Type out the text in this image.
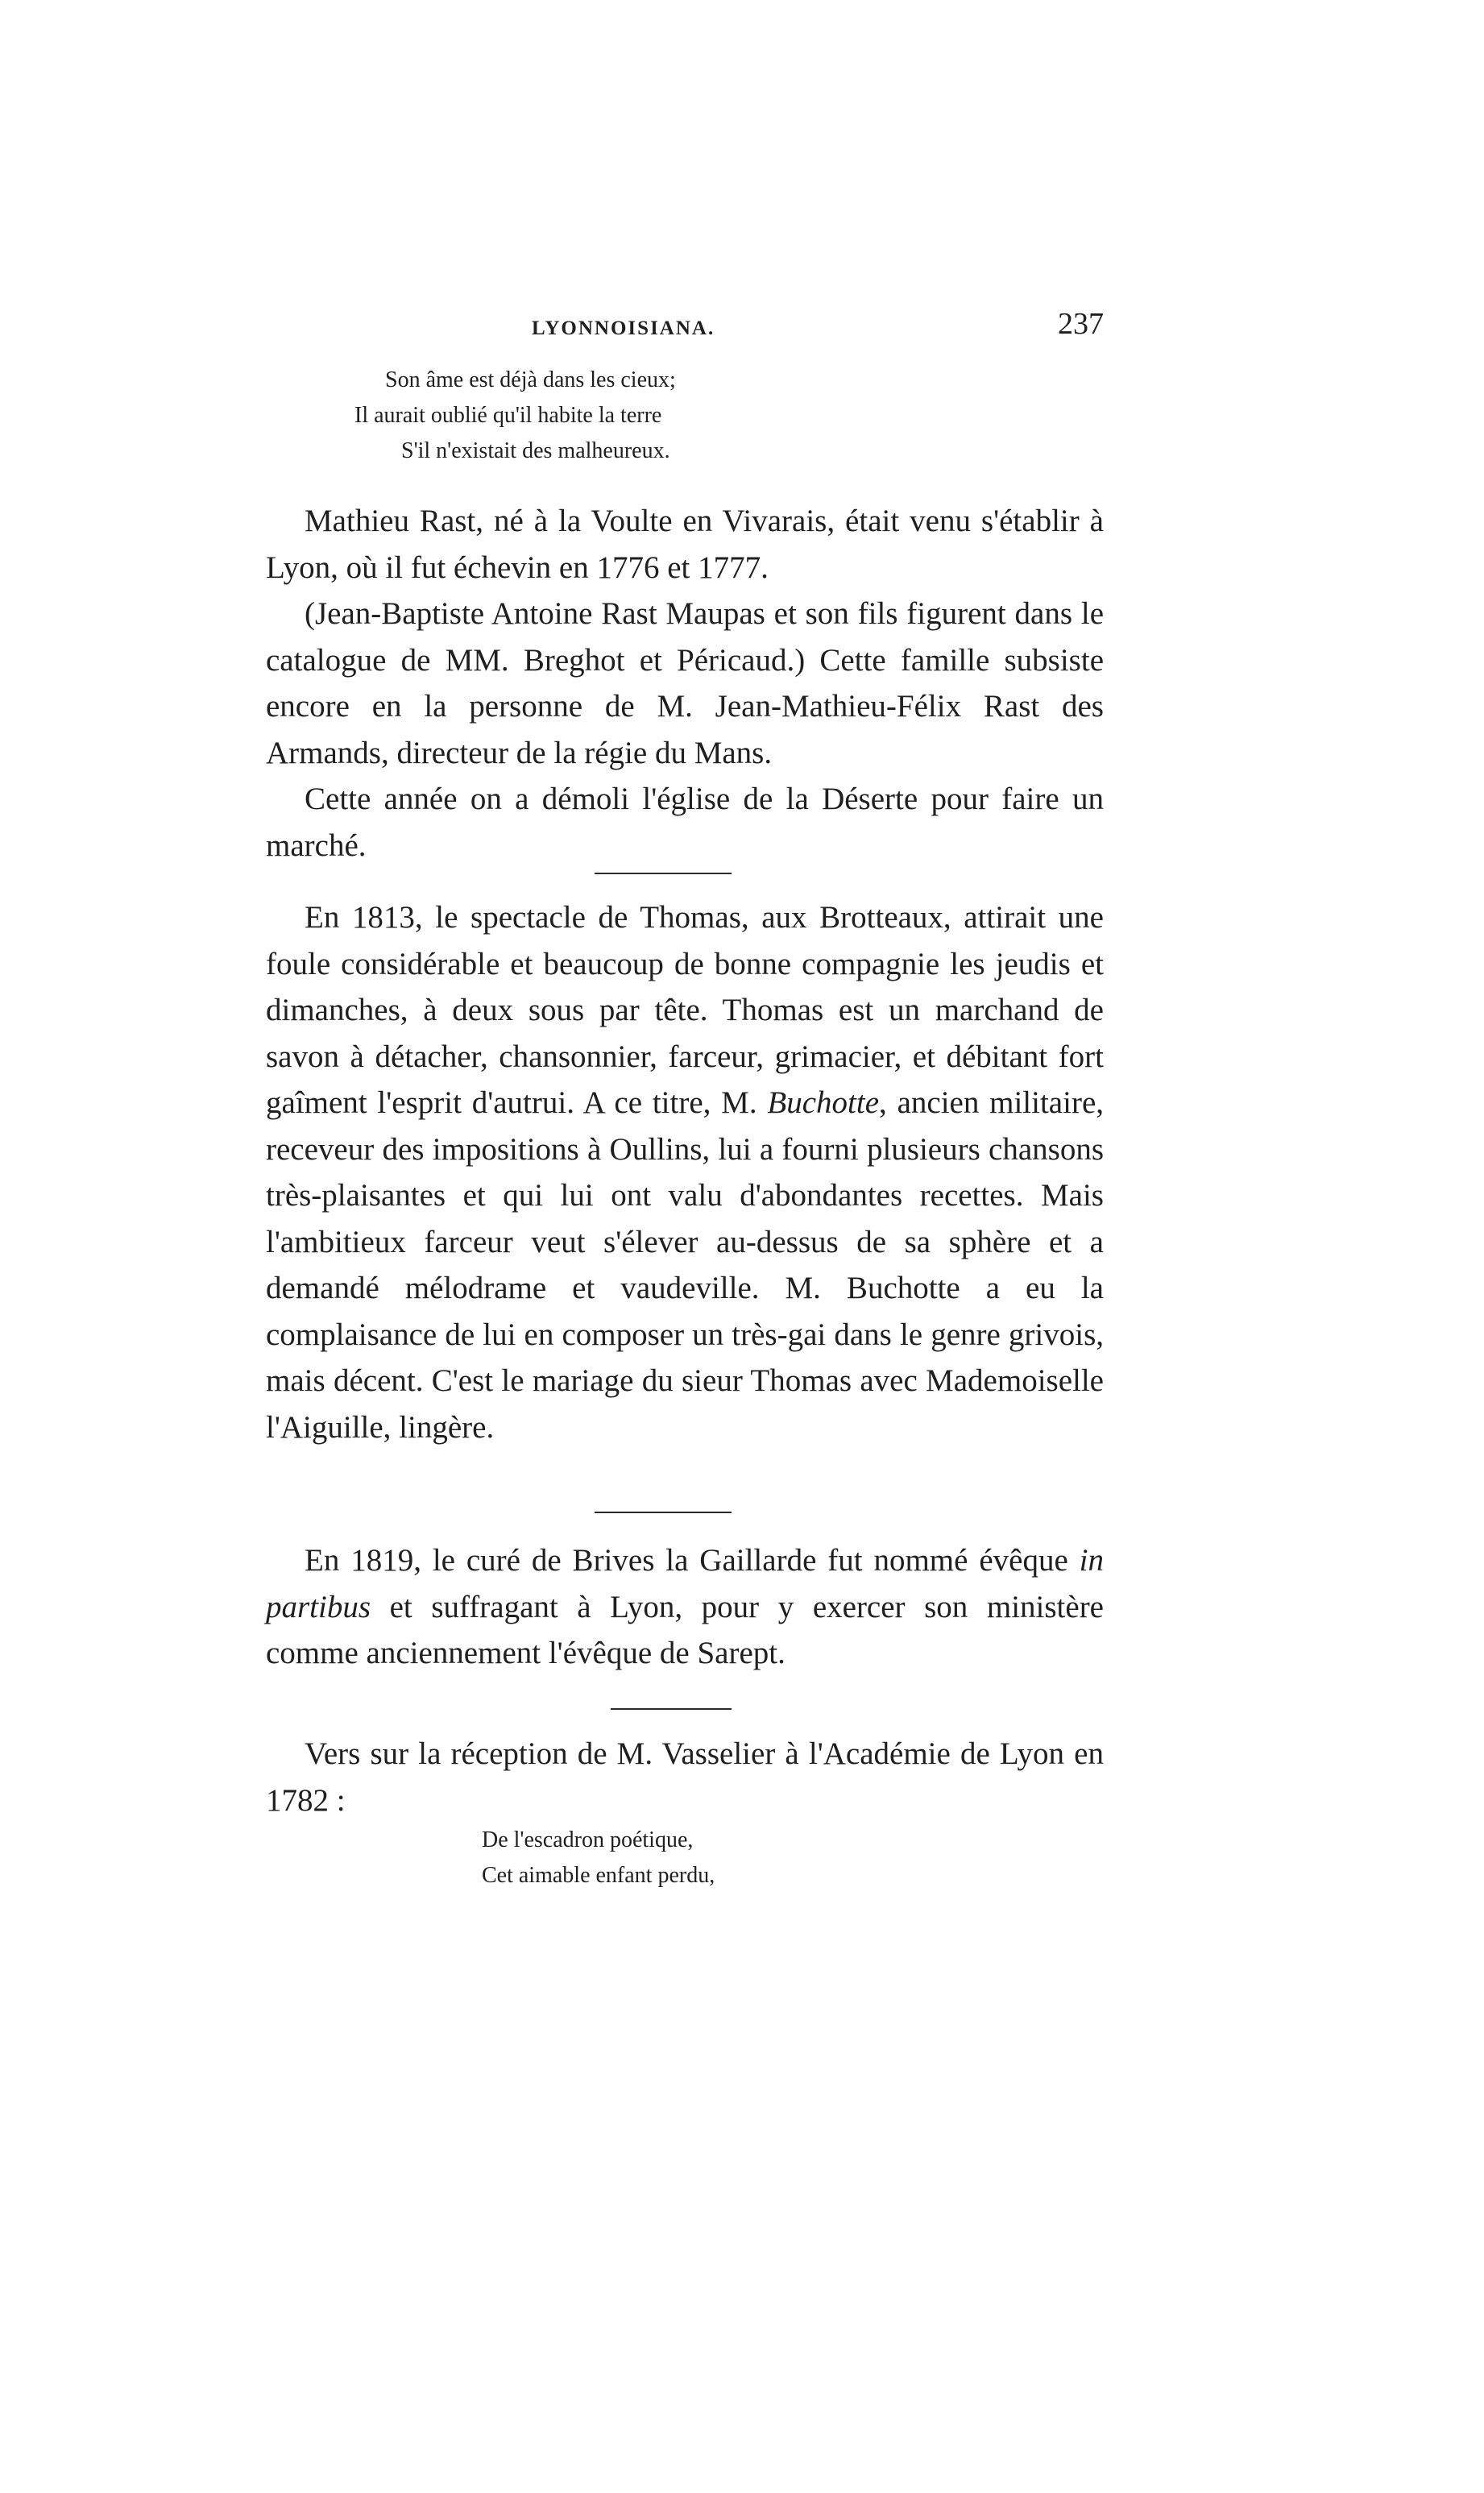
LYONNOISIANA.	237
Son âme est déjà dans les cieux;
Il aurait oublié qu'il habite la terre
S'il n'existait des malheureux.

Mathieu Rast, né à la Voulte en Vivarais, était venu s'établir à Lyon, où il fut échevin en 1776 et 1777.

(Jean-Baptiste Antoine Rast Maupas et son fils figurent dans le catalogue de MM. Breghot et Péricaud.) Cette famille subsiste encore en la personne de M. Jean-Mathieu-Félix Rast des Armands, directeur de la régie du Mans.

Cette année on a démoli l'église de la Déserte pour faire un marché.

En 1813, le spectacle de Thomas, aux Brotteaux, attirait une foule considérable et beaucoup de bonne compagnie les jeudis et dimanches, à deux sous par tête. Thomas est un marchand de savon à détacher, chansonnier, farceur, grimacier, et débitant fort gaîment l'esprit d'autrui. A ce titre, M. Buchotte, ancien militaire, receveur des impositions à Oullins, lui a fourni plusieurs chansons très-plaisantes et qui lui ont valu d'abondantes recettes. Mais l'ambitieux farceur veut s'élever au-dessus de sa sphère et a demandé mélodrame et vaudeville. M. Buchotte a eu la complaisance de lui en composer un très-gai dans le genre grivois, mais décent. C'est le mariage du sieur Thomas avec Mademoiselle l'Aiguille, lingère.

En 1819, le curé de Brives la Gaillarde fut nommé évêque in partibus et suffragant à Lyon, pour y exercer son ministère comme anciennement l'évêque de Sarept.

Vers sur la réception de M. Vasselier à l'Académie de Lyon en 1782 :

De l'escadron poétique,
Cet aimable enfant perdu,
